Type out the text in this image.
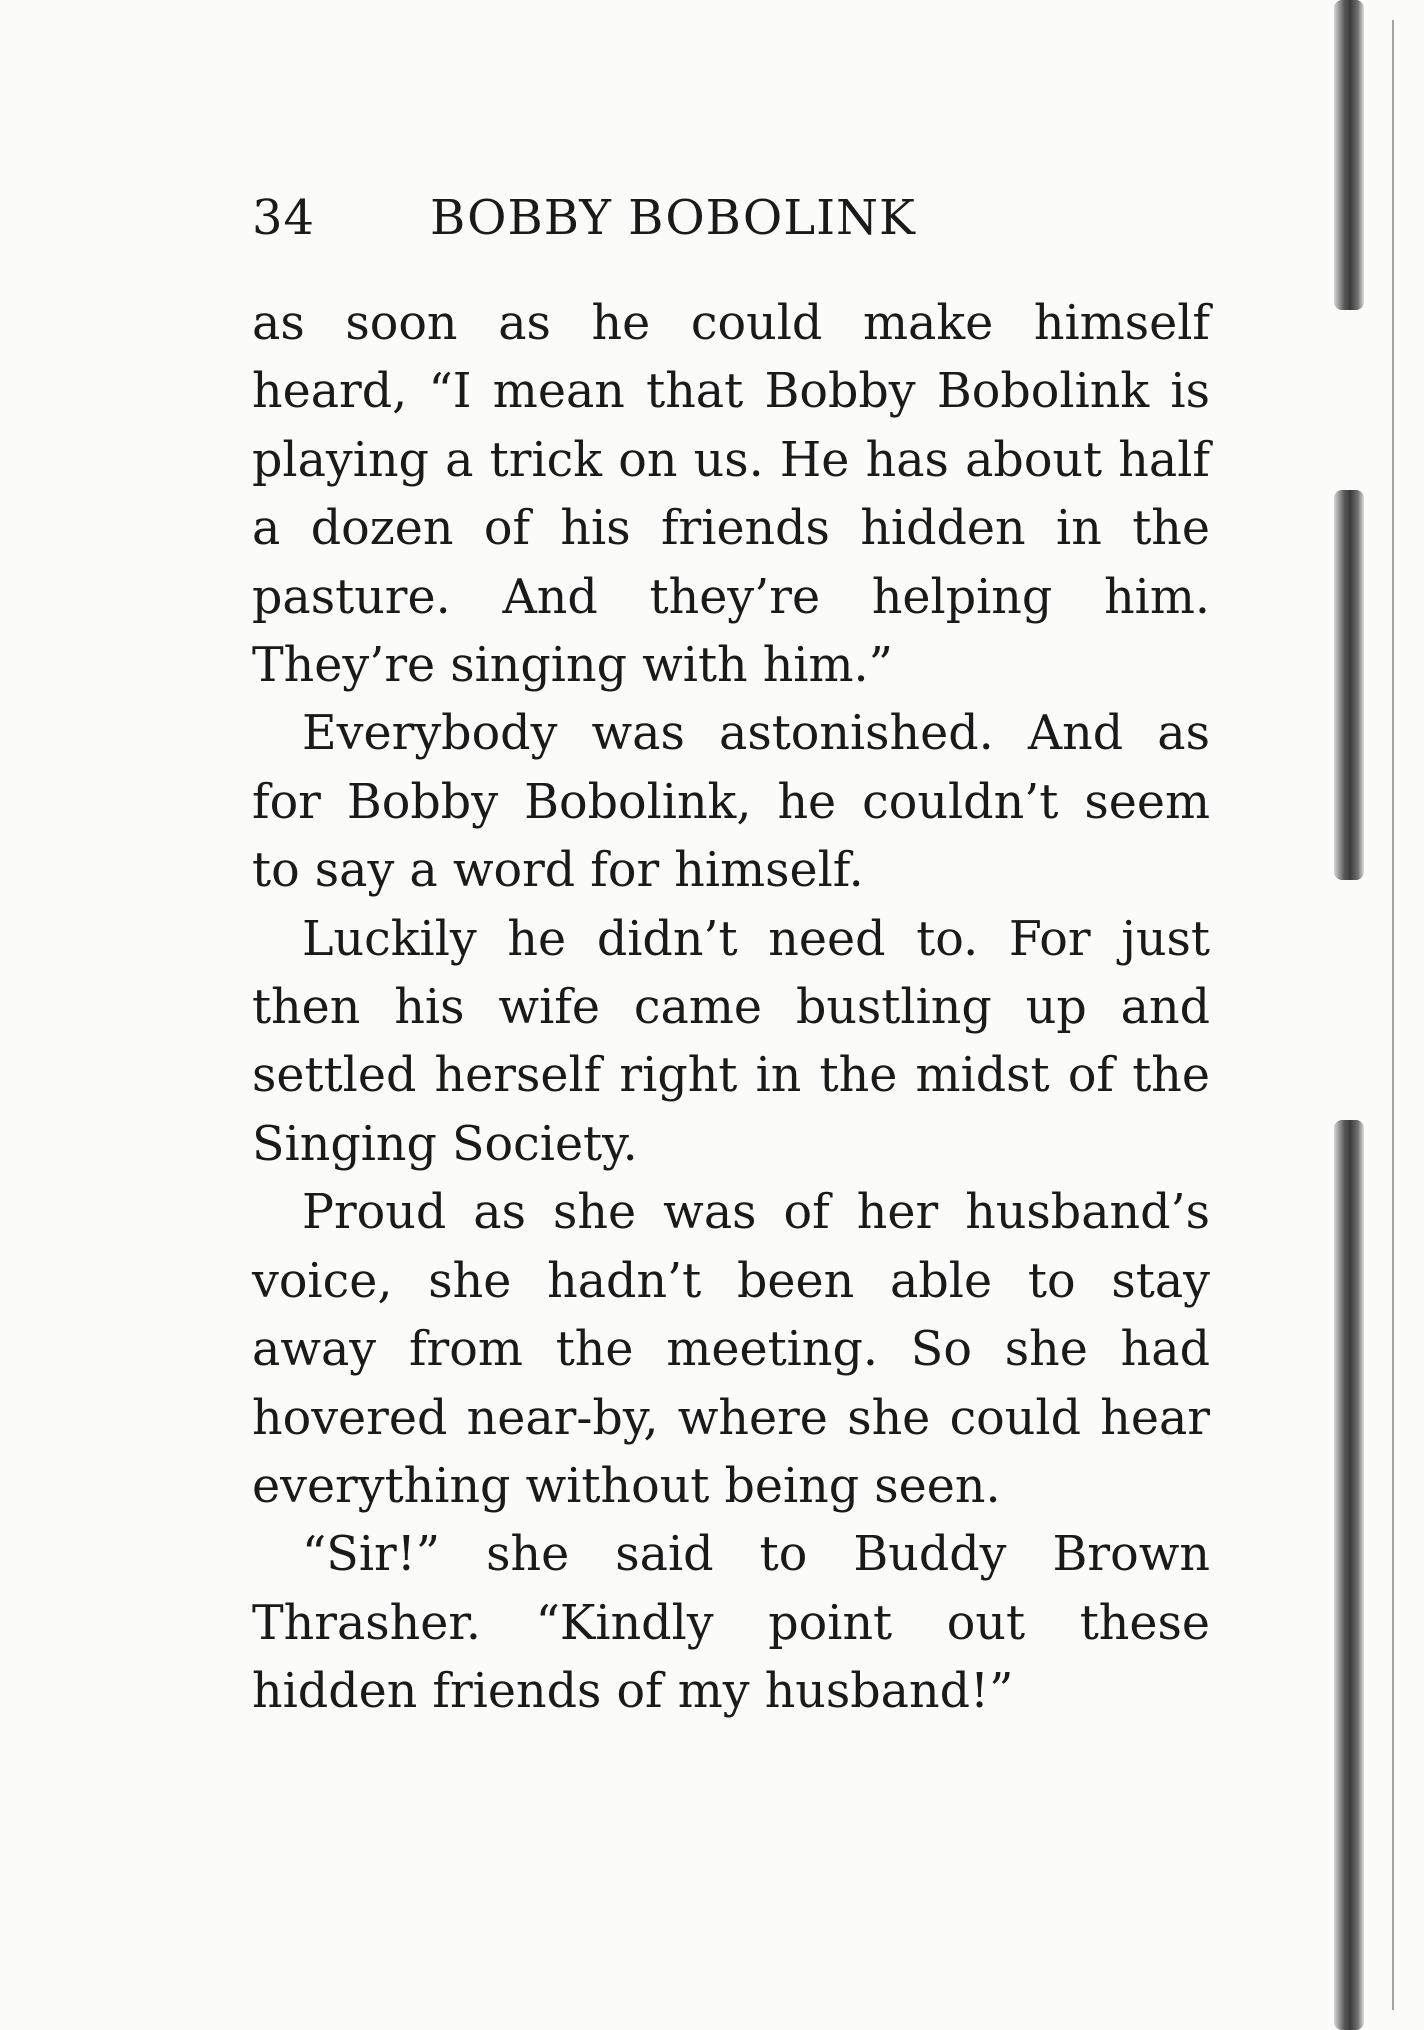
34 BOBBY BOBOLINK

as soon as he could make himself heard, “I mean that Bobby Bobolink is playing a trick on us. He has about half a dozen of his friends hidden in the pasture. And they’re helping him. They’re singing with him.”

Everybody was astonished. And as for Bobby Bobolink, he couldn’t seem to say a word for himself.

Luckily he didn’t need to. For just then his wife came bustling up and settled herself right in the midst of the Singing Society.

Proud as she was of her husband’s voice, she hadn’t been able to stay away from the meeting. So she had hovered near-by, where she could hear everything without being seen.

“Sir!” she said to Buddy Brown Thrasher. “Kindly point out these hidden friends of my husband!”
